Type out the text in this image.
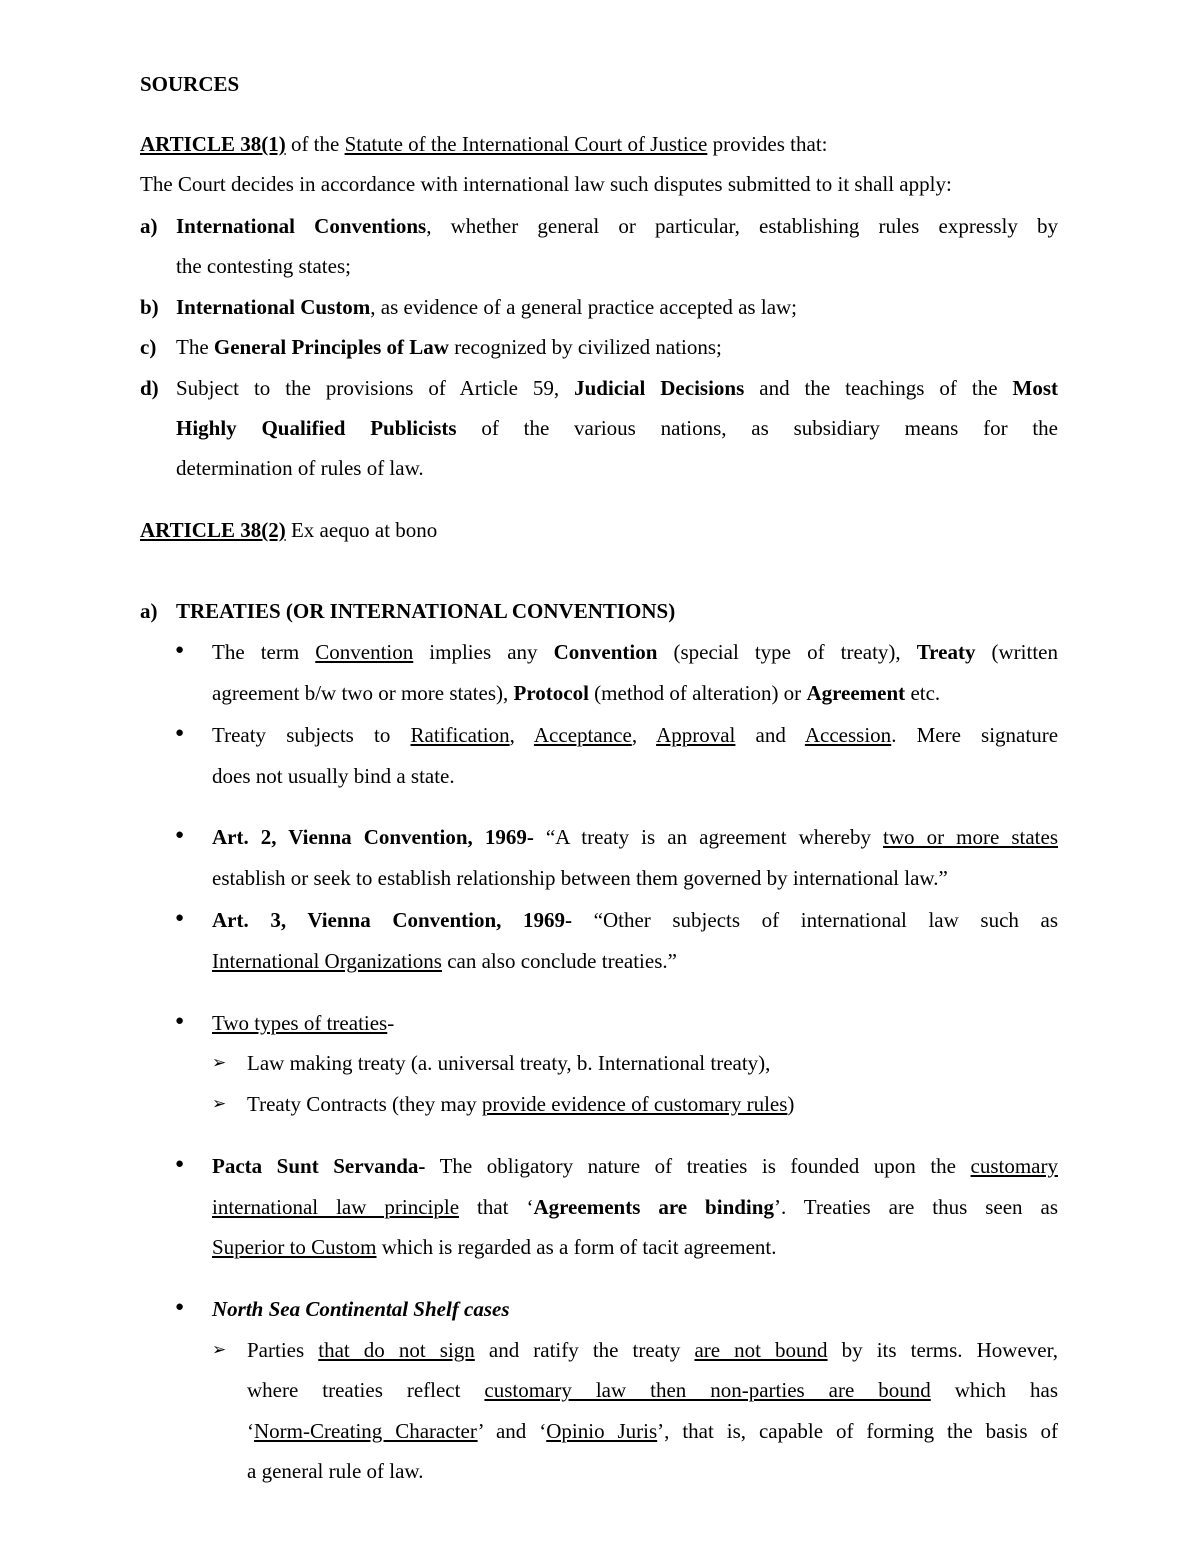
SOURCES
ARTICLE 38(1) of the Statute of the International Court of Justice provides that:
The Court decides in accordance with international law such disputes submitted to it shall apply:
a) International Conventions, whether general or particular, establishing rules expressly by
the contesting states;
b) International Custom, as evidence of a general practice accepted as law;
c) The General Principles of Law recognized by civilized nations;
d) Subject to the provisions of Article 59, Judicial Decisions and the teachings of the Most
Highly Qualified Publicists of the various nations, as subsidiary means for the
determination of rules of law.
ARTICLE 38(2) Ex aequo at bono
a) TREATIES (OR INTERNATIONAL CONVENTIONS)
● The term Convention implies any Convention (special type of treaty), Treaty (written
agreement b/w two or more states), Protocol (method of alteration) or Agreement etc.
● Treaty subjects to Ratification, Acceptance, Approval and Accession. Mere signature
does not usually bind a state.
● Art. 2, Vienna Convention, 1969- “A treaty is an agreement whereby two or more states
establish or seek to establish relationship between them governed by international law.”
● Art. 3, Vienna Convention, 1969- “Other subjects of international law such as
International Organizations can also conclude treaties.”
● Two types of treaties-
➢ Law making treaty (a. universal treaty, b. International treaty),
➢ Treaty Contracts (they may provide evidence of customary rules)
● Pacta Sunt Servanda- The obligatory nature of treaties is founded upon the customary
international law principle that ‘Agreements are binding’. Treaties are thus seen as
Superior to Custom which is regarded as a form of tacit agreement.
● North Sea Continental Shelf cases
➢ Parties that do not sign and ratify the treaty are not bound by its terms. However,
where treaties reflect customary law then non-parties are bound which has
‘Norm-Creating Character’ and ‘Opinio Juris’, that is, capable of forming the basis of
a general rule of law.
